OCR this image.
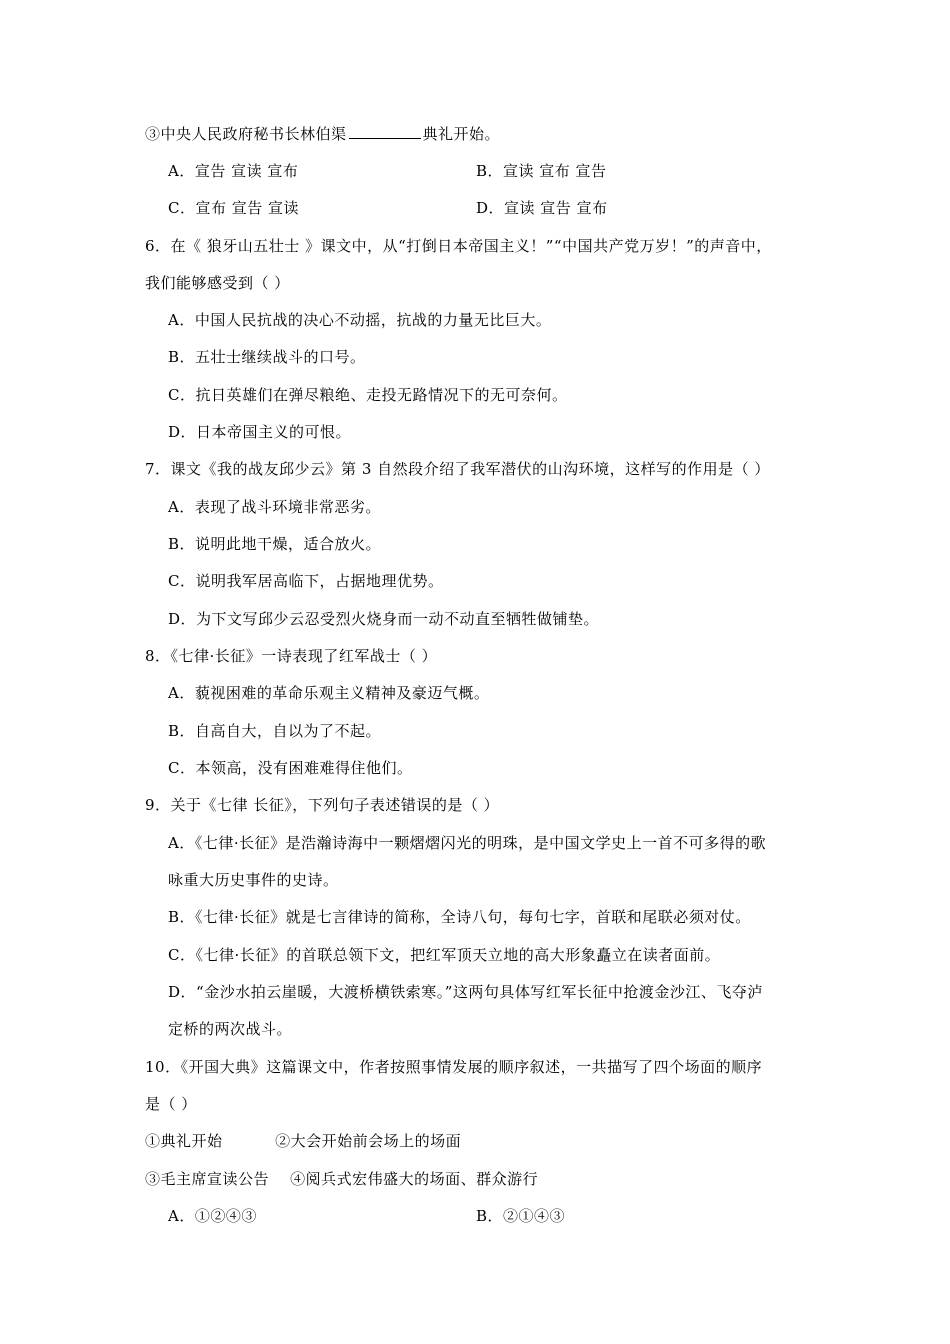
③中央人民政府秘书长林伯渠	典礼开始。
A．宣告 宣读 宣布	B．宣读 宣布 宣告
C．宣布 宣告 宣读	D．宣读 宣告 宣布
6．在《 狼牙山五壮士 》课文中，从“打倒日本帝国主义！”“中国共产党万岁！”的声音中，
我们能够感受到（ ）
A．中国人民抗战的决心不动摇，抗战的力量无比巨大。
B．五壮士继续战斗的口号。
C．抗日英雄们在弹尽粮绝、走投无路情况下的无可奈何。
D．日本帝国主义的可恨。
7．课文《我的战友邱少云》第 3 自然段介绍了我军潜伏的山沟环境，这样写的作用是（ ）
A．表现了战斗环境非常恶劣。
B．说明此地干燥，适合放火。
C．说明我军居高临下，占据地理优势。
D．为下文写邱少云忍受烈火烧身而一动不动直至牺牲做铺垫。
8．《七律·长征》一诗表现了红军战士（ ）
A．藐视困难的革命乐观主义精神及豪迈气概。
B．自高自大，自以为了不起。
C．本领高，没有困难难得住他们。
9．关于《七律 长征》，下列句子表述错误的是（ ）
A．《七律·长征》是浩瀚诗海中一颗熠熠闪光的明珠，是中国文学史上一首不可多得的歌
咏重大历史事件的史诗。
B．《七律·长征》就是七言律诗的简称，全诗八句，每句七字，首联和尾联必须对仗。
C．《七律·长征》的首联总领下文，把红军顶天立地的高大形象矗立在读者面前。
D．“金沙水拍云崖暖，大渡桥横铁索寒。”这两句具体写红军长征中抢渡金沙江、飞夺泸
定桥的两次战斗。
10．《开国大典》这篇课文中，作者按照事情发展的顺序叙述，一共描写了四个场面的顺序
是（ ）
①典礼开始          ②大会开始前会场上的场面
③毛主席宣读公告    ④阅兵式宏伟盛大的场面、群众游行
A．①②④③	B．②①④③
